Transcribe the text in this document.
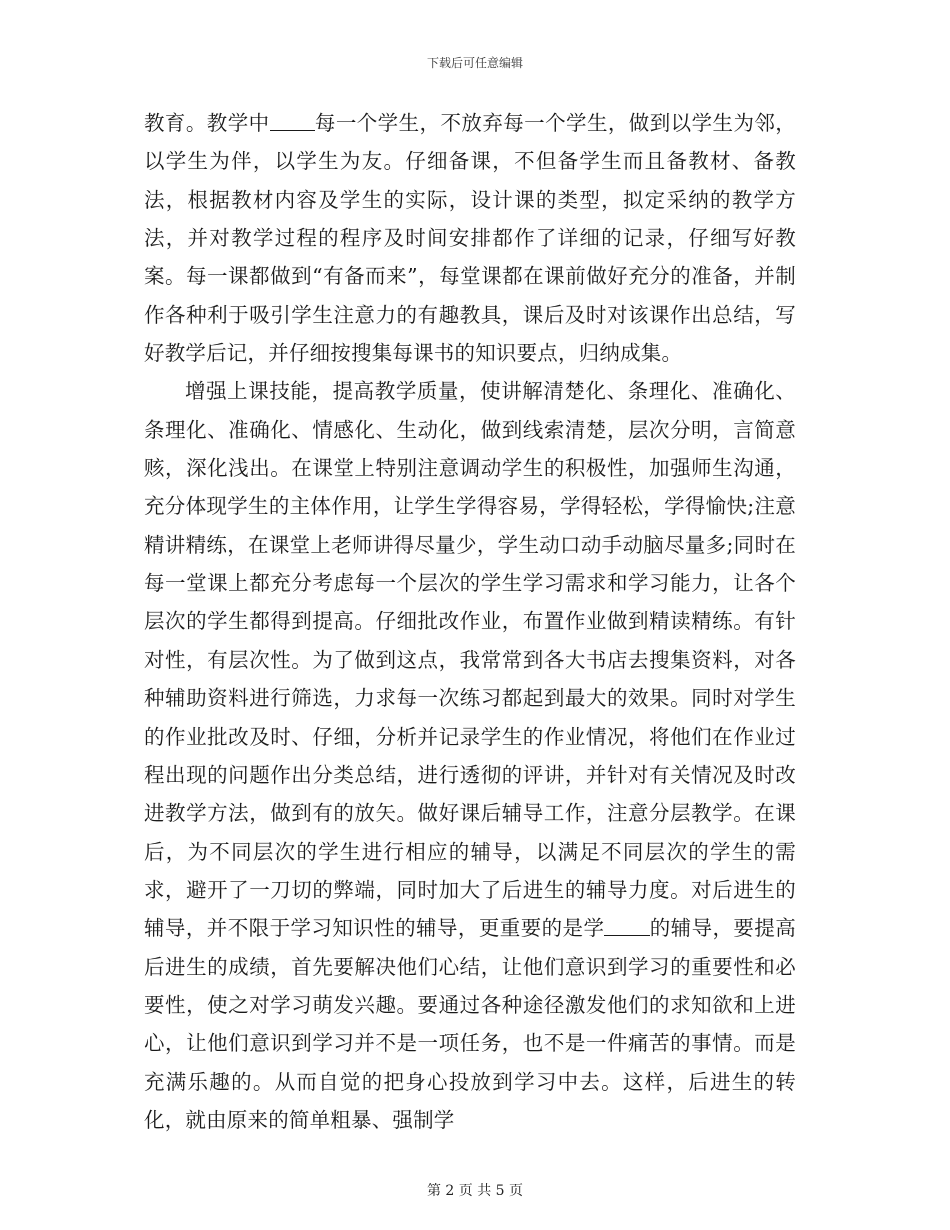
下载后可任意编辑

教育。教学中 每一个学生，不放弃每一个学生，做到以学生为邻，以学生为伴，以学生为友。仔细备课，不但备学生而且备教材、备教法，根据教材内容及学生的实际，设计课的类型，拟定采纳的教学方法，并对教学过程的程序及时间安排都作了详细的记录，仔细写好教案。每一课都做到“有备而来”，每堂课都在课前做好充分的准备，并制作各种利于吸引学生注意力的有趣教具，课后及时对该课作出总结，写好教学后记，并仔细按搜集每课书的知识要点，归纳成集。

增强上课技能，提高教学质量，使讲解清楚化、条理化、准确化、条理化、准确化、情感化、生动化，做到线索清楚，层次分明，言简意赅，深化浅出。在课堂上特别注意调动学生的积极性，加强师生沟通，充分体现学生的主体作用，让学生学得容易，学得轻松，学得愉快;注意精讲精练，在课堂上老师讲得尽量少，学生动口动手动脑尽量多;同时在每一堂课上都充分考虑每一个层次的学生学习需求和学习能力，让各个层次的学生都得到提高。仔细批改作业，布置作业做到精读精练。有针对性，有层次性。为了做到这点，我常常到各大书店去搜集资料，对各种辅助资料进行筛选，力求每一次练习都起到最大的效果。同时对学生的作业批改及时、仔细，分析并记录学生的作业情况，将他们在作业过程出现的问题作出分类总结，进行透彻的评讲，并针对有关情况及时改进教学方法，做到有的放矢。做好课后辅导工作，注意分层教学。在课后，为不同层次的学生进行相应的辅导，以满足不同层次的学生的需求，避开了一刀切的弊端，同时加大了后进生的辅导力度。对后进生的辅导，并不限于学习知识性的辅导，更重要的是学 的辅导，要提高后进生的成绩，首先要解决他们心结，让他们意识到学习的重要性和必要性，使之对学习萌发兴趣。要通过各种途径激发他们的求知欲和上进心，让他们意识到学习并不是一项任务，也不是一件痛苦的事情。而是充满乐趣的。从而自觉的把身心投放到学习中去。这样，后进生的转化，就由原来的简单粗暴、强制学

第 2 页 共 5 页
